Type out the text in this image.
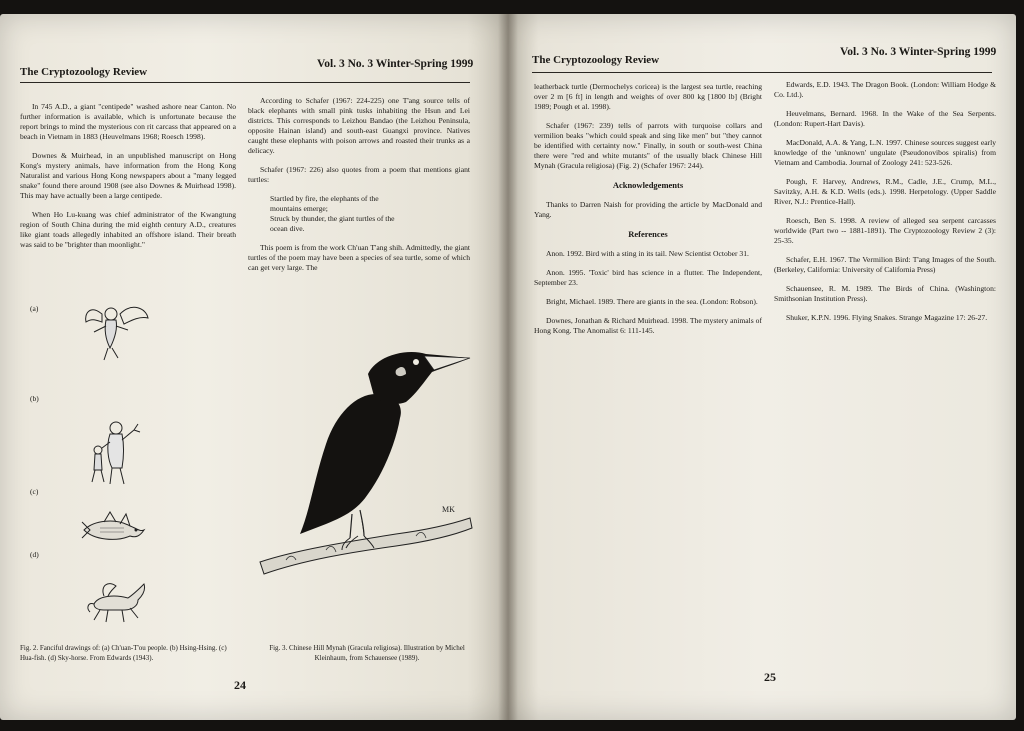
The Cryptozoology Review
Vol. 3 No. 3 Winter-Spring 1999

In 745 A.D., a giant "centipede" washed ashore near Canton. No further information is available, which is unfortunate because the report brings to mind the mysterious con rit carcass that appeared on a beach in Vietnam in 1883 (Heuvelmans 1968; Roesch 1998).

Downes & Muirhead, in an unpublished manuscript on Hong Kong's mystery animals, have information from the Hong Kong Naturalist and various Hong Kong newspapers about a "many legged snake" found there around 1908 (see also Downes & Muirhead 1998). This may have actually been a large centipede.

When Ho Lu-kuang was chief administrator of the Kwangtung region of South China during the mid eighth century A.D., creatures like giant toads allegedly inhabited an offshore island. Their breath was said to be "brighter than moonlight."

According to Schafer (1967: 224-225) one T'ang source tells of black elephants with small pink tusks inhabiting the Hsun and Lei districts. This corresponds to Leizhou Bandao (the Leizhou Peninsula, opposite Hainan island) and south-east Guangxi province. Natives caught these elephants with poison arrows and roasted their trunks as a delicacy.

Schafer (1967: 226) also quotes from a poem that mentions giant turtles:

Startled by fire, the elephants of the
mountains emerge;
Struck by thunder, the giant turtles of the
ocean dive.

This poem is from the work Ch'uan T'ang shih. Admittedly, the giant turtles of the poem may have been a species of sea turtle, some of which can get very large. The

(a)
(b)
(c)
(d)
MK
Fig. 2. Fanciful drawings of: (a) Ch'uan-T'ou people. (b) Hsing-Hsing. (c) Hua-fish. (d) Sky-horse. From Edwards (1943).
Fig. 3. Chinese Hill Mynah (Gracula religiosa). Illustration by Michel Kleinhaum, from Schauensee (1989).
24
The Cryptozoology Review
Vol. 3 No. 3 Winter-Spring 1999

leatherback turtle (Dermochelys coricea) is the largest sea turtle, reaching over 2 m [6 ft] in length and weights of over 800 kg [1800 lb] (Bright 1989; Pough et al. 1998).

Schafer (1967: 239) tells of parrots with turquoise collars and vermilion beaks "which could speak and sing like men" but "they cannot be identified with certainty now." Finally, in south or south-west China there were "red and white mutants" of the usually black Chinese Hill Mynah (Gracula religiosa) (Fig. 2) (Schafer 1967: 244).

Acknowledgements

Thanks to Darren Naish for providing the article by MacDonald and Yang.

References
Anon. 1992. Bird with a sting in its tail. New Scientist October 31.
Anon. 1995. 'Toxic' bird has science in a flutter. The Independent, September 23.
Bright, Michael. 1989. There are giants in the sea. (London: Robson).
Downes, Jonathan & Richard Muirhead. 1998. The mystery animals of Hong Kong. The Anomalist 6: 111-145.
Edwards, E.D. 1943. The Dragon Book. (London: William Hodge & Co. Ltd.).
Heuvelmans, Bernard. 1968. In the Wake of the Sea Serpents. (London: Rupert-Hart Davis).
MacDonald, A.A. & Yang, L.N. 1997. Chinese sources suggest early knowledge of the 'unknown' ungulate (Pseudonovibos spiralis) from Vietnam and Cambodia. Journal of Zoology 241: 523-526.
Pough, F. Harvey, Andrews, R.M., Cadle, J.E., Crump, M.L., Savitzky, A.H. & K.D. Wells (eds.). 1998. Herpetology. (Upper Saddle River, N.J.: Prentice-Hall).
Roesch, Ben S. 1998. A review of alleged sea serpent carcasses worldwide (Part two -- 1881-1891). The Cryptozoology Review 2 (3): 25-35.
Schafer, E.H. 1967. The Vermilion Bird: T'ang Images of the South. (Berkeley, California: University of California Press)
Schauensee, R. M. 1989. The Birds of China. (Washington: Smithsonian Institution Press).
Shuker, K.P.N. 1996. Flying Snakes. Strange Magazine 17: 26-27.
25
